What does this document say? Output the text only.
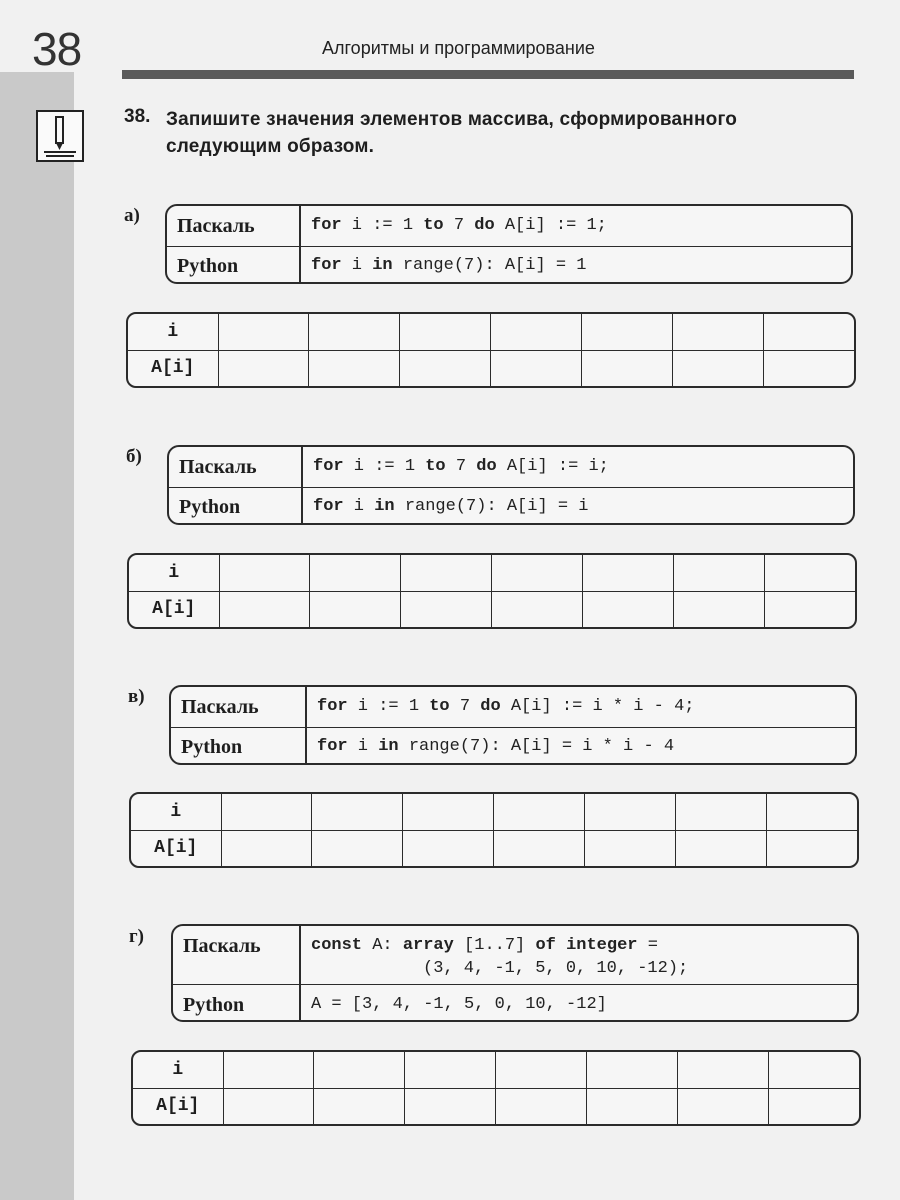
38	Алгоритмы и программирование
38. Запишите значения элементов массива, сформированного следующим образом.
а) Паскаль	for i := 1 to 7 do A[i] := 1;
Python	for i in range(7): A[i] = 1
i							
A[i]							
б) Паскаль	for i := 1 to 7 do A[i] := i;
Python	for i in range(7): A[i] = i
i							
A[i]							
в) Паскаль	for i := 1 to 7 do A[i] := i * i - 4;
Python	for i in range(7): A[i] = i * i - 4
i							
A[i]							
г) Паскаль	const A: array [1..7] of integer =
(3, 4, -1, 5, 0, 10, -12);
Python	A = [3, 4, -1, 5, 0, 10, -12]
i							
A[i]							
